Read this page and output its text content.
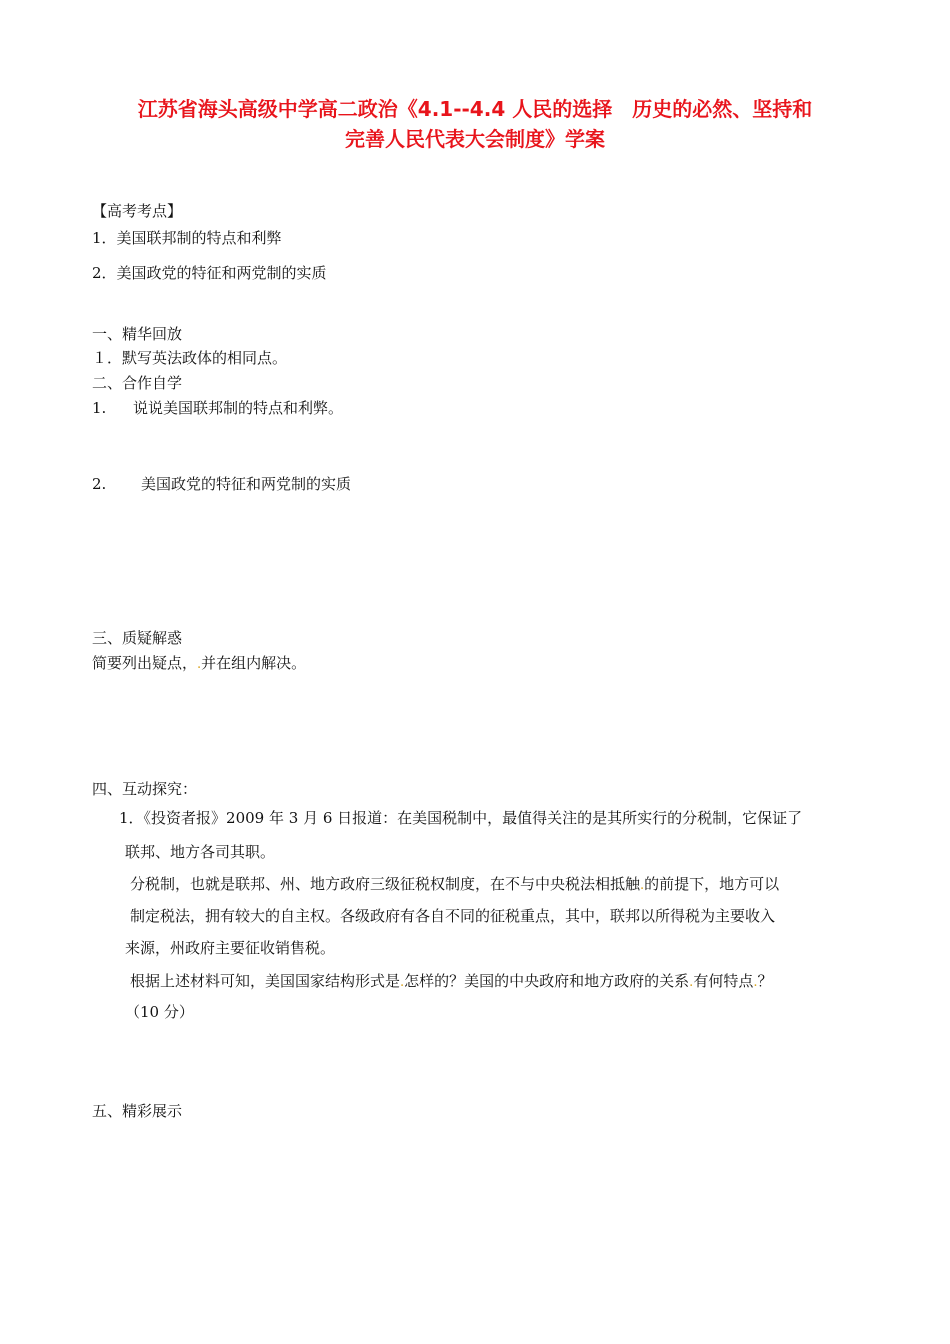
江苏省海头高级中学高二政治《4.1--4.4 人民的选择　历史的必然、坚持和
完善人民代表大会制度》学案
【高考考点】
1．美国联邦制的特点和利弊
2．美国政党的特征和两党制的实质
一、精华回放
１．默写英法政体的相同点。
二、合作自学
1. 说说美国联邦制的特点和利弊。
2. 美国政党的特征和两党制的实质
三、质疑解惑
简要列出疑点，.并在组内解决。
四、互动探究：
1．《投资者报》2009 年 3 月 6 日报道：在美国税制中，最值得关注的是其所实行的分税制，它保证了
联邦、地方各司其职。
分税制，也就是联邦、州、地方政府三级征税权制度，在不与中央税法相抵触.的前提下，地方可以
制定税法，拥有较大的自主权。各级政府有各自不同的征税重点，其中，联邦以所得税为主要收入
来源，州政府主要征收销售税。
根据上述材料可知，美国国家结构形式是.怎样的？美国的中央政府和地方政府的关系.有何特点.？
（10 分）
五、精彩展示
